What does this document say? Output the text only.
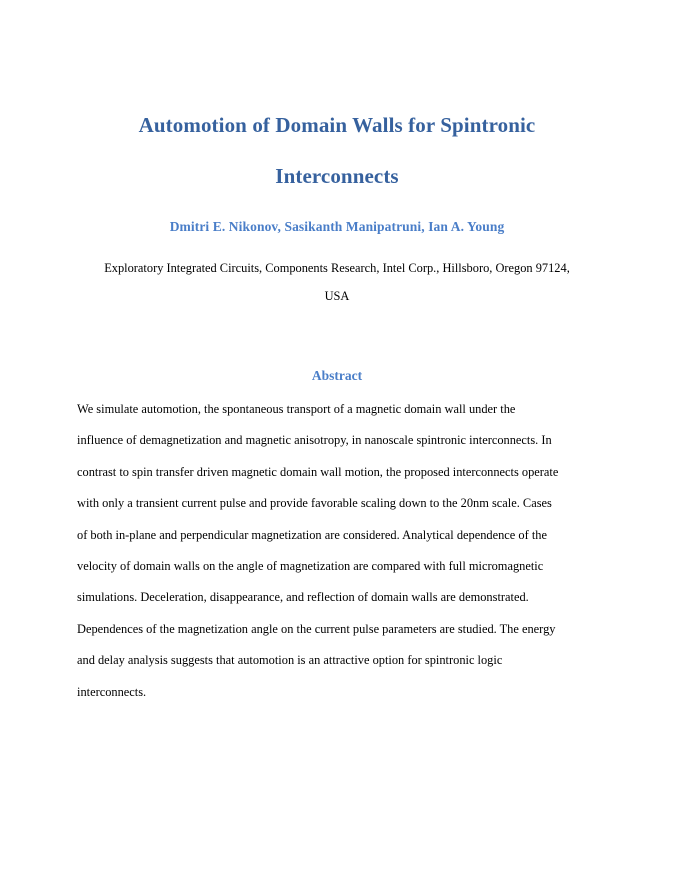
Automotion of Domain Walls for Spintronic
Interconnects
Dmitri E. Nikonov, Sasikanth Manipatruni, Ian A. Young
Exploratory Integrated Circuits, Components Research, Intel Corp., Hillsboro, Oregon 97124,
USA
Abstract
We simulate automotion, the spontaneous transport of a magnetic domain wall under the
influence of demagnetization and magnetic anisotropy, in nanoscale spintronic interconnects. In
contrast to spin transfer driven magnetic domain wall motion, the proposed interconnects operate
with only a transient current pulse and provide favorable scaling down to the 20nm scale. Cases
of both in-plane and perpendicular magnetization are considered. Analytical dependence of the
velocity of domain walls on the angle of magnetization are compared with full micromagnetic
simulations. Deceleration, disappearance, and reflection of domain walls are demonstrated.
Dependences of the magnetization angle on the current pulse parameters are studied. The energy
and delay analysis suggests that automotion is an attractive option for spintronic logic
interconnects.
